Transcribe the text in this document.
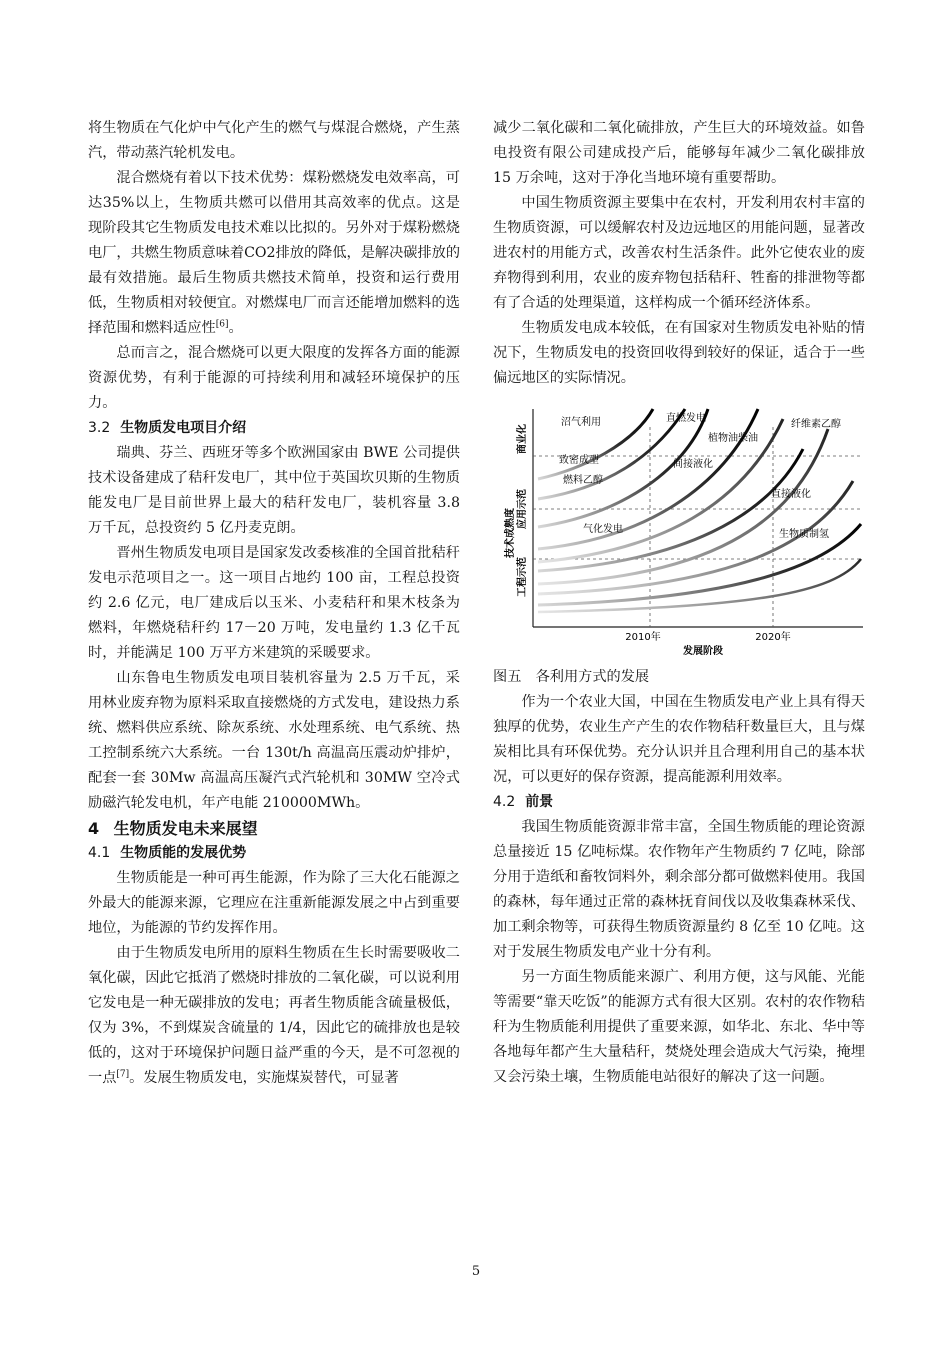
将生物质在气化炉中气化产生的燃气与煤混合燃烧，产生蒸汽，带动蒸汽轮机发电。

混合燃烧有着以下技术优势：煤粉燃烧发电效率高，可达35%以上，生物质共燃可以借用其高效率的优点。这是现阶段其它生物质发电技术难以比拟的。另外对于煤粉燃烧电厂，共燃生物质意味着CO2排放的降低，是解决碳排放的最有效措施。最后生物质共燃技术简单，投资和运行费用低，生物质相对较便宜。对燃煤电厂而言还能增加燃料的选择范围和燃料适应性[6]。

总而言之，混合燃烧可以更大限度的发挥各方面的能源资源优势，有利于能源的可持续利用和减轻环境保护的压力。

3.2 生物质发电项目介绍

瑞典、芬兰、西班牙等多个欧洲国家由 BWE 公司提供技术设备建成了秸秆发电厂，其中位于英国坎贝斯的生物质能发电厂是目前世界上最大的秸秆发电厂，装机容量 3.8 万千瓦，总投资约 5 亿丹麦克朗。

晋州生物质发电项目是国家发改委核准的全国首批秸秆发电示范项目之一。这一项目占地约 100 亩，工程总投资约 2.6 亿元，电厂建成后以玉米、小麦秸秆和果木枝条为燃料，年燃烧秸秆约 17－20 万吨，发电量约 1.3 亿千瓦时，并能满足 100 万平方米建筑的采暖要求。

山东鲁电生物质发电项目装机容量为 2.5 万千瓦，采用林业废弃物为原料采取直接燃烧的方式发电，建设热力系统、燃料供应系统、除灰系统、水处理系统、电气系统、热工控制系统六大系统。一台 130t/h 高温高压震动炉排炉，配套一套 30Mw 高温高压凝汽式汽轮机和 30MW 空冷式励磁汽轮发电机，年产电能 210000MWh。

4 生物质发电未来展望
4.1 生物质能的发展优势

生物质能是一种可再生能源，作为除了三大化石能源之外最大的能源来源，它理应在注重新能源发展之中占到重要地位，为能源的节约发挥作用。

由于生物质发电所用的原料生物质在生长时需要吸收二氧化碳，因此它抵消了燃烧时排放的二氧化碳，可以说利用它发电是一种无碳排放的发电；再者生物质能含硫量极低，仅为 3%，不到煤炭含硫量的 1/4，因此它的硫排放也是较低的，这对于环境保护问题日益严重的今天，是不可忽视的一点[7]。发展生物质发电，实施煤炭替代，可显著

减少二氧化碳和二氧化硫排放，产生巨大的环境效益。如鲁电投资有限公司建成投产后，能够每年减少二氧化碳排放 15 万余吨，这对于净化当地环境有重要帮助。

中国生物质资源主要集中在农村，开发利用农村丰富的生物质资源，可以缓解农村及边远地区的用能问题，显著改进农村的用能方式，改善农村生活条件。此外它使农业的废弃物得到利用，农业的废弃物包括秸秆、牲畜的排泄物等都有了合适的处理渠道，这样构成一个循环经济体系。

生物质发电成本较低，在有国家对生物质发电补贴的情况下，生物质发电的投资回收得到较好的保证，适合于一些偏远地区的实际情况。

技术成熟度
商业化
应用示范
工程示范
沼气利用	直燃发电
纤维素乙醇
植物油柴油
致密成型	间接液化
燃料乙醇
直接液化
气化发电	生物质制氢
2010年	2020年
发展阶段

图五　各利用方式的发展

作为一个农业大国，中国在生物质发电产业上具有得天独厚的优势，农业生产产生的农作物秸秆数量巨大，且与煤炭相比具有环保优势。充分认识并且合理利用自己的基本状况，可以更好的保存资源，提高能源利用效率。

4.2 前景

我国生物质能资源非常丰富，全国生物质能的理论资源总量接近 15 亿吨标煤。农作物年产生物质约 7 亿吨，除部分用于造纸和畜牧饲料外，剩余部分都可做燃料使用。我国的森林，每年通过正常的森林抚育间伐以及收集森林采伐、加工剩余物等，可获得生物质资源量约 8 亿至 10 亿吨。这对于发展生物质发电产业十分有利。

另一方面生物质能来源广、利用方便，这与风能、光能等需要“靠天吃饭”的能源方式有很大区别。农村的农作物秸秆为生物质能利用提供了重要来源，如华北、东北、华中等各地每年都产生大量秸秆，焚烧处理会造成大气污染，掩埋又会污染土壤，生物质能电站很好的解决了这一问题。

5
